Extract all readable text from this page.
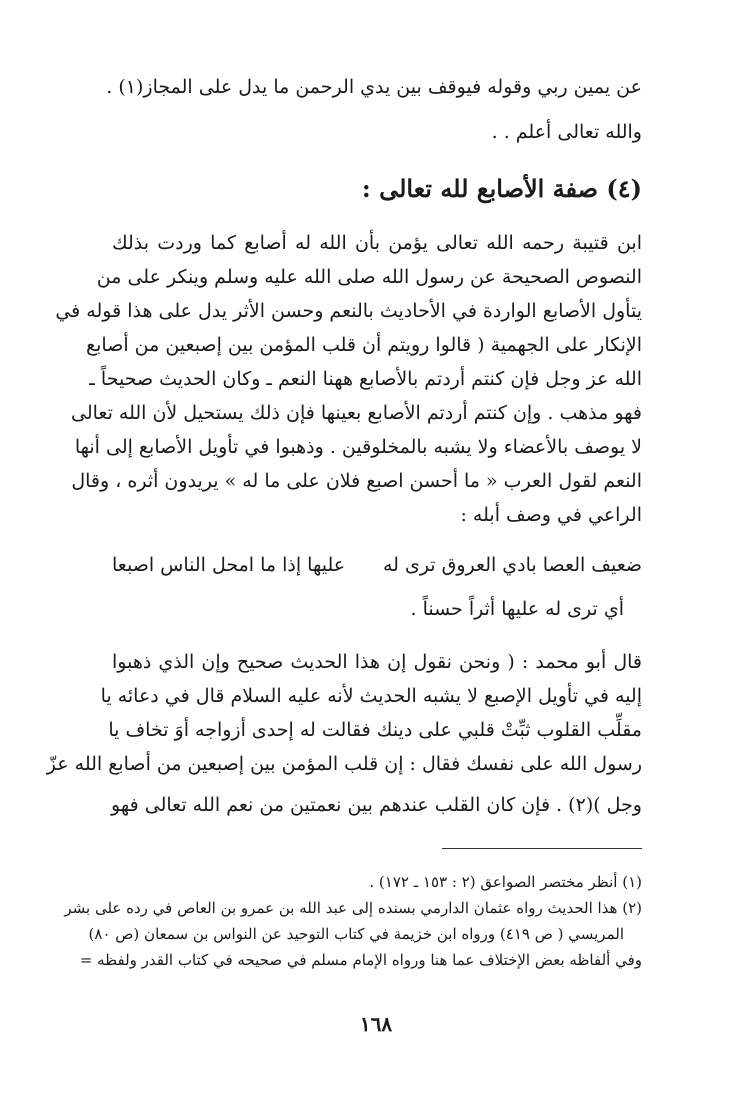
عن يمين ربي وقوله فيوقف بين يدي الرحمن ما يدل على المجاز(١) .
والله تعالى أعلم . .
(٤) صفة الأصابع لله تعالى :
ابن قتيبة رحمه الله تعالى يؤمن بأن الله له أصابع كما وردت بذلك
النصوص الصحيحة عن رسول الله صلى الله عليه وسلم وينكر على من
يتأول الأصابع الواردة في الأحاديث بالنعم وحسن الأثر يدل على هذا قوله في
الإنكار على الجهمية ( قالوا رويتم أن قلب المؤمن بين إصبعين من أصابع
الله عز وجل فإن كنتم أردتم بالأصابع ههنا النعم ـ وكان الحديث صحيحاً ـ
فهو مذهب . وإن كنتم أردتم الأصابع بعينها فإن ذلك يستحيل لأن الله تعالى
لا يوصف بالأعضاء ولا يشبه بالمخلوقين . وذهبوا في تأويل الأصابع إلى أنها
النعم لقول العرب « ما أحسن اصبع فلان على ما له » يريدون أثره ، وقال
الراعي في وصف أبله :
ضعيف العصا بادي العروق ترى له
عليها إذا ما امحل الناس اصبعا
أي ترى له عليها أثراً حسناً .
قال أبو محمد : ( ونحن نقول إن هذا الحديث صحيح وإن الذي ذهبوا
إليه في تأويل الإصبع لا يشبه الحديث لأنه عليه السلام قال في دعائه يا
مقلِّب القلوب ثبِّتْ قلبي على دينك فقالت له إحدى أزواجه أوَ تخاف يا
رسول الله على نفسك فقال : إن قلب المؤمن بين إصبعين من أصابع الله عزّ
وجل )(٢) . فإن كان القلب عندهم بين نعمتين من نعم الله تعالى فهو
(١) أنظر مختصر الصواعق (٢ : ١٥٣ ـ ١٧٢) .
(٢) هذا الحديث رواه عثمان الدارمي بسنده إلى عبد الله بن عمرو بن العاص في رده على بشر
المريسي ( ص ٤١٩) ورواه ابن خزيمة في كتاب التوحيد عن النواس بن سمعان (ص ٨٠)
وفي ألفاظه بعض الإختلاف عما هنا ورواه الإمام مسلم في صحيحه في كتاب القدر ولفظه =
١٦٨
